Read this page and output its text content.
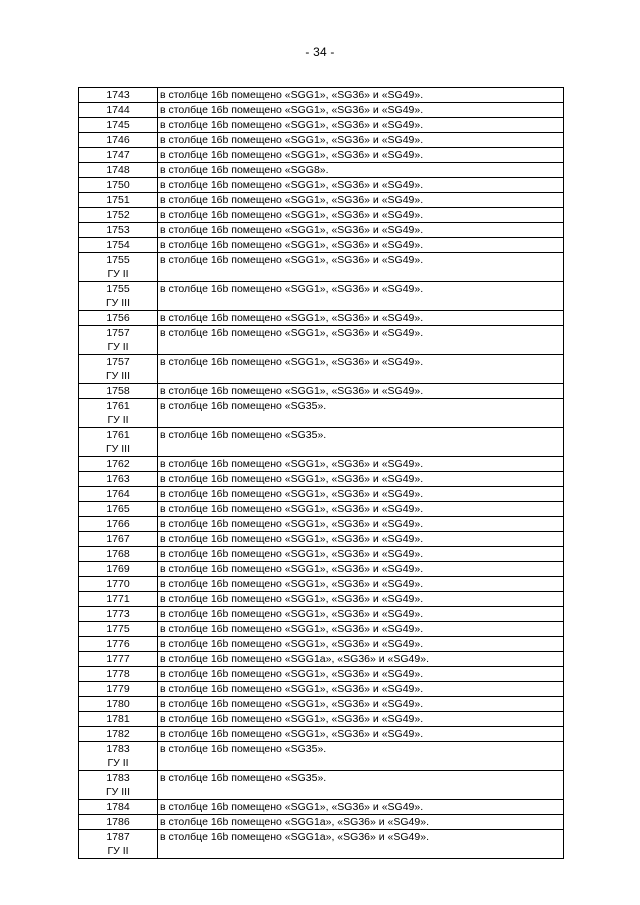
- 34 -
1743	в столбце 16b помещено «SGG1», «SG36» и «SG49».

1744	в столбце 16b помещено «SGG1», «SG36» и «SG49».

1745	в столбце 16b помещено «SGG1», «SG36» и «SG49».

1746	в столбце 16b помещено «SGG1», «SG36» и «SG49».

1747	в столбце 16b помещено «SGG1», «SG36» и «SG49».

1748	в столбце 16b помещено «SGG8».

1750	в столбце 16b помещено «SGG1», «SG36» и «SG49».

1751	в столбце 16b помещено «SGG1», «SG36» и «SG49».

1752	в столбце 16b помещено «SGG1», «SG36» и «SG49».

1753	в столбце 16b помещено «SGG1», «SG36» и «SG49».

1754	в столбце 16b помещено «SGG1», «SG36» и «SG49».

1755
ГУ II	в столбце 16b помещено «SGG1», «SG36» и «SG49».

1755
ГУ III	в столбце 16b помещено «SGG1», «SG36» и «SG49».

1756	в столбце 16b помещено «SGG1», «SG36» и «SG49».

1757
ГУ II	в столбце 16b помещено «SGG1», «SG36» и «SG49».

1757
ГУ III	в столбце 16b помещено «SGG1», «SG36» и «SG49».

1758	в столбце 16b помещено «SGG1», «SG36» и «SG49».

1761
ГУ II	в столбце 16b помещено «SG35».

1761
ГУ III	в столбце 16b помещено «SG35».

1762	в столбце 16b помещено «SGG1», «SG36» и «SG49».

1763	в столбце 16b помещено «SGG1», «SG36» и «SG49».

1764	в столбце 16b помещено «SGG1», «SG36» и «SG49».

1765	в столбце 16b помещено «SGG1», «SG36» и «SG49».

1766	в столбце 16b помещено «SGG1», «SG36» и «SG49».

1767	в столбце 16b помещено «SGG1», «SG36» и «SG49».

1768	в столбце 16b помещено «SGG1», «SG36» и «SG49».

1769	в столбце 16b помещено «SGG1», «SG36» и «SG49».

1770	в столбце 16b помещено «SGG1», «SG36» и «SG49».

1771	в столбце 16b помещено «SGG1», «SG36» и «SG49».

1773	в столбце 16b помещено «SGG1», «SG36» и «SG49».

1775	в столбце 16b помещено «SGG1», «SG36» и «SG49».

1776	в столбце 16b помещено «SGG1», «SG36» и «SG49».

1777	в столбце 16b помещено «SGG1a», «SG36» и «SG49».

1778	в столбце 16b помещено «SGG1», «SG36» и «SG49».

1779	в столбце 16b помещено «SGG1», «SG36» и «SG49».

1780	в столбце 16b помещено «SGG1», «SG36» и «SG49».

1781	в столбце 16b помещено «SGG1», «SG36» и «SG49».

1782	в столбце 16b помещено «SGG1», «SG36» и «SG49».

1783
ГУ II	в столбце 16b помещено «SG35».

1783
ГУ III	в столбце 16b помещено «SG35».

1784	в столбце 16b помещено «SGG1», «SG36» и «SG49».

1786	в столбце 16b помещено «SGG1a», «SG36» и «SG49».

1787
ГУ II	в столбце 16b помещено «SGG1a», «SG36» и «SG49».
